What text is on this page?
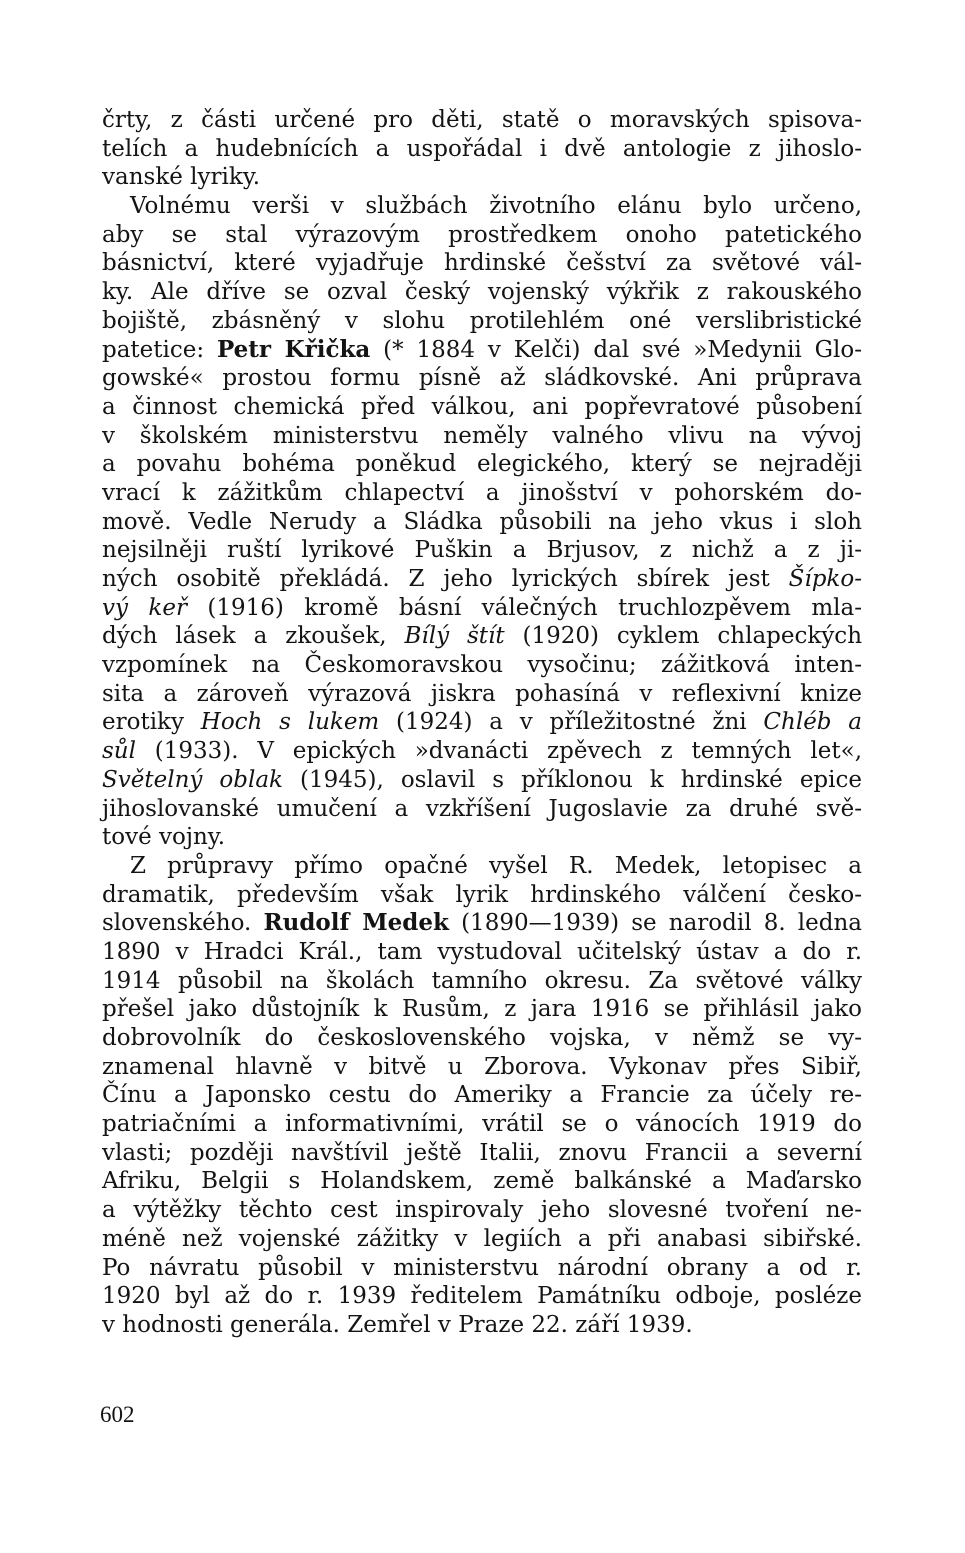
črty, z části určené pro děti, statě o moravských spisova-
telích a hudebnících a uspořádal i dvě antologie z jihoslo-
vanské lyriky.
Volnému verši v službách životního elánu bylo určeno,
aby se stal výrazovým prostředkem onoho patetického
básnictví, které vyjadřuje hrdinské češství za světové vál-
ky. Ale dříve se ozval český vojenský výkřik z rakouského
bojiště, zbásněný v slohu protilehlém oné verslibristické
patetice: Petr Křička (* 1884 v Kelči) dal své »Medynii Glo-
gowské« prostou formu písně až sládkovské. Ani průprava
a činnost chemická před válkou, ani popřevratové působení
v školském ministerstvu neměly valného vlivu na vývoj
a povahu bohéma poněkud elegického, který se nejraději
vrací k zážitkům chlapectví a jinošství v pohorském do-
mově. Vedle Nerudy a Sládka působili na jeho vkus i sloh
nejsilněji ruští lyrikové Puškin a Brjusov, z nichž a z ji-
ných osobitě překládá. Z jeho lyrických sbírek jest Šípko-
vý keř (1916) kromě básní válečných truchlozpěvem mla-
dých lásek a zkoušek, Bílý štít (1920) cyklem chlapeckých
vzpomínek na Českomoravskou vysočinu; zážitková inten-
sita a zároveň výrazová jiskra pohasíná v reflexivní knize
erotiky Hoch s lukem (1924) a v příležitostné žni Chléb a
sůl (1933). V epických »dvanácti zpěvech z temných let«,
Světelný oblak (1945), oslavil s příklonou k hrdinské epice
jihoslovanské umučení a vzkříšení Jugoslavie za druhé svě-
tové vojny.
Z průpravy přímo opačné vyšel R. Medek, letopisec a
dramatik, především však lyrik hrdinského válčení česko-
slovenského. Rudolf Medek (1890—1939) se narodil 8. ledna
1890 v Hradci Král., tam vystudoval učitelský ústav a do r.
1914 působil na školách tamního okresu. Za světové války
přešel jako důstojník k Rusům, z jara 1916 se přihlásil jako
dobrovolník do československého vojska, v němž se vy-
znamenal hlavně v bitvě u Zborova. Vykonav přes Sibiř,
Čínu a Japonsko cestu do Ameriky a Francie za účely re-
patriačními a informativními, vrátil se o vánocích 1919 do
vlasti; později navštívil ještě Italii, znovu Francii a severní
Afriku, Belgii s Holandskem, země balkánské a Maďarsko
a výtěžky těchto cest inspirovaly jeho slovesné tvoření ne-
méně než vojenské zážitky v legiích a při anabasi sibiřské.
Po návratu působil v ministerstvu národní obrany a od r.
1920 byl až do r. 1939 ředitelem Památníku odboje, posléze
v hodnosti generála. Zemřel v Praze 22. září 1939.
602
